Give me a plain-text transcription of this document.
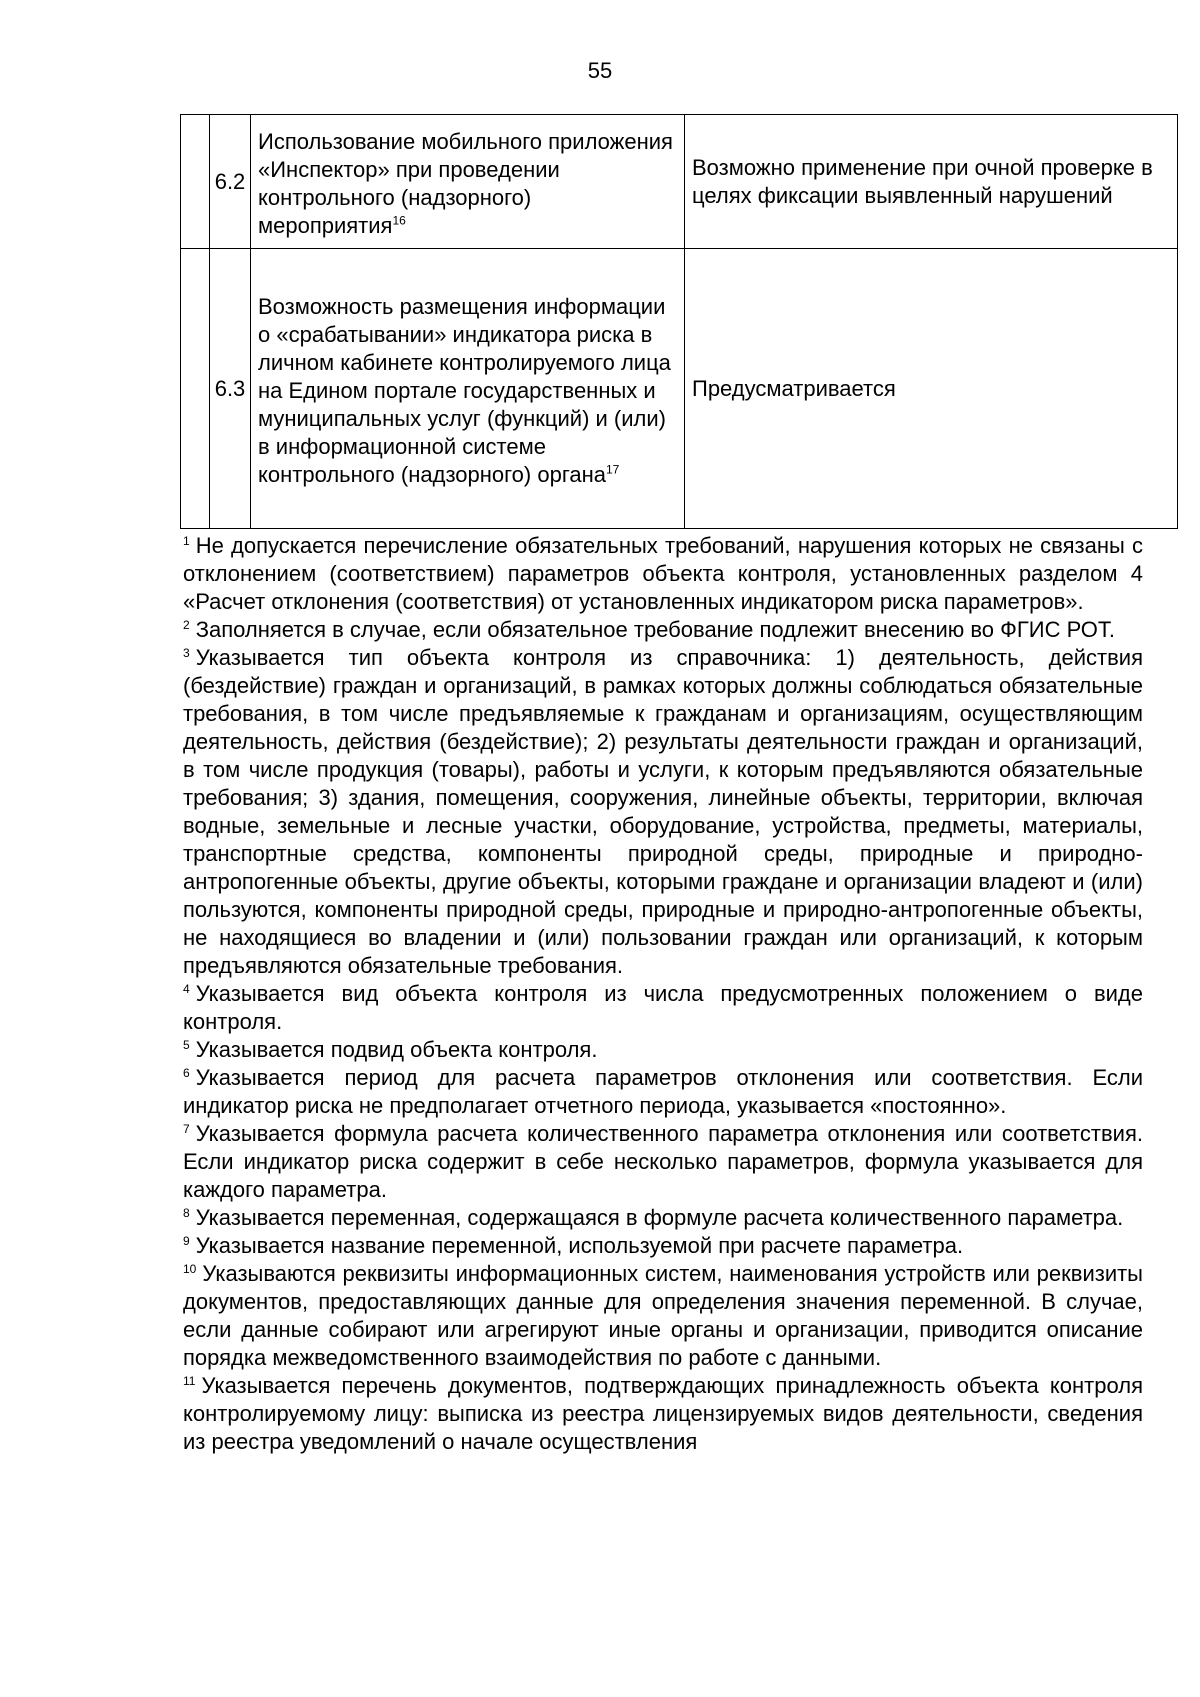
55
	6.2	Использование мобильного приложения «Инспектор» при проведении контрольного (надзорного) мероприятия$^{16}$	Возможно применение при очной проверке в целях фиксации выявленный нарушений
	6.3	Возможность размещения информации о «срабатывании» индикатора риска в личном кабинете контролируемого лица на Едином портале государственных и муниципальных услуг (функций) и (или) в информационной системе контрольного (надзорного) органа$^{17}$	Предусматривается

$^1$ Не допускается перечисление обязательных требований, нарушения которых не связаны с отклонением (соответствием) параметров объекта контроля, установленных разделом 4 «Расчет отклонения (соответствия) от установленных индикатором риска параметров».

$^2$ Заполняется в случае, если обязательное требование подлежит внесению во ФГИС РОТ.

$^3$ Указывается тип объекта контроля из справочника: 1) деятельность, действия (бездействие) граждан и организаций, в рамках которых должны соблюдаться обязательные требования, в том числе предъявляемые к гражданам и организациям, осуществляющим деятельность, действия (бездействие); 2) результаты деятельности граждан и организаций, в том числе продукция (товары), работы и услуги, к которым предъявляются обязательные требования; 3) здания, помещения, сооружения, линейные объекты, территории, включая водные, земельные и лесные участки, оборудование, устройства, предметы, материалы, транспортные средства, компоненты природной среды, природные и природно-антропогенные объекты, другие объекты, которыми граждане и организации владеют и (или) пользуются, компоненты природной среды, природные и природно-антропогенные объекты, не находящиеся во владении и (или) пользовании граждан или организаций, к которым предъявляются обязательные требования.

$^4$ Указывается вид объекта контроля из числа предусмотренных положением о виде контроля.

$^5$ Указывается подвид объекта контроля.

$^6$ Указывается период для расчета параметров отклонения или соответствия. Если индикатор риска не предполагает отчетного периода, указывается «постоянно».

$^7$ Указывается формула расчета количественного параметра отклонения или соответствия. Если индикатор риска содержит в себе несколько параметров, формула указывается для каждого параметра.

$^8$ Указывается переменная, содержащаяся в формуле расчета количественного параметра.

$^9$ Указывается название переменной, используемой при расчете параметра.

$^{10}$ Указываются реквизиты информационных систем, наименования устройств или реквизиты документов, предоставляющих данные для определения значения переменной. В случае, если данные собирают или агрегируют иные органы и организации, приводится описание порядка межведомственного взаимодействия по работе с данными.

$^{11}$ Указывается перечень документов, подтверждающих принадлежность объекта контроля контролируемому лицу: выписка из реестра лицензируемых видов деятельности, сведения из реестра уведомлений о начале осуществления
